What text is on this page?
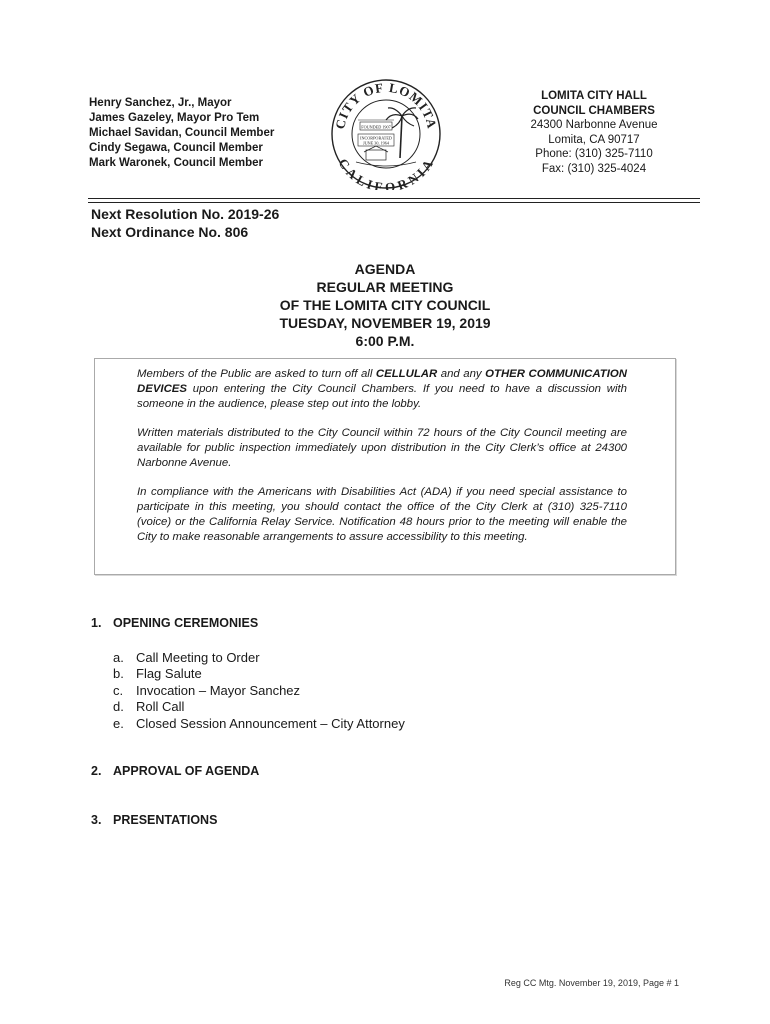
Henry Sanchez, Jr., Mayor
James Gazeley, Mayor Pro Tem
Michael Savidan, Council Member
Cindy Segawa, Council Member
Mark Waronek, Council Member
CITY OF LOMITA
CALIFORNIA
FOUNDED 1907
INCORPORATED
JUNE 30, 1964
LOMITA CITY HALL
COUNCIL CHAMBERS
24300 Narbonne Avenue
Lomita, CA 90717
Phone: (310) 325-7110
Fax: (310) 325-4024
Next Resolution No. 2019-26
Next Ordinance No. 806
AGENDA
REGULAR MEETING
OF THE LOMITA CITY COUNCIL
TUESDAY, NOVEMBER 19, 2019
6:00 P.M.

Members of the Public are asked to turn off all CELLULAR and any OTHER COMMUNICATION DEVICES upon entering the City Council Chambers. If you need to have a discussion with someone in the audience, please step out into the lobby.

Written materials distributed to the City Council within 72 hours of the City Council meeting are available for public inspection immediately upon distribution in the City Clerk’s office at 24300 Narbonne Avenue.

In compliance with the Americans with Disabilities Act (ADA) if you need special assistance to participate in this meeting, you should contact the office of the City Clerk at (310) 325-7110 (voice) or the California Relay Service. Notification 48 hours prior to the meeting will enable the City to make reasonable arrangements to assure accessibility to this meeting.

1. OPENING CEREMONIES
a. Call Meeting to Order
b. Flag Salute
c. Invocation – Mayor Sanchez
d. Roll Call
e. Closed Session Announcement – City Attorney
2. APPROVAL OF AGENDA
3. PRESENTATIONS
Reg CC Mtg. November 19, 2019, Page # 1
